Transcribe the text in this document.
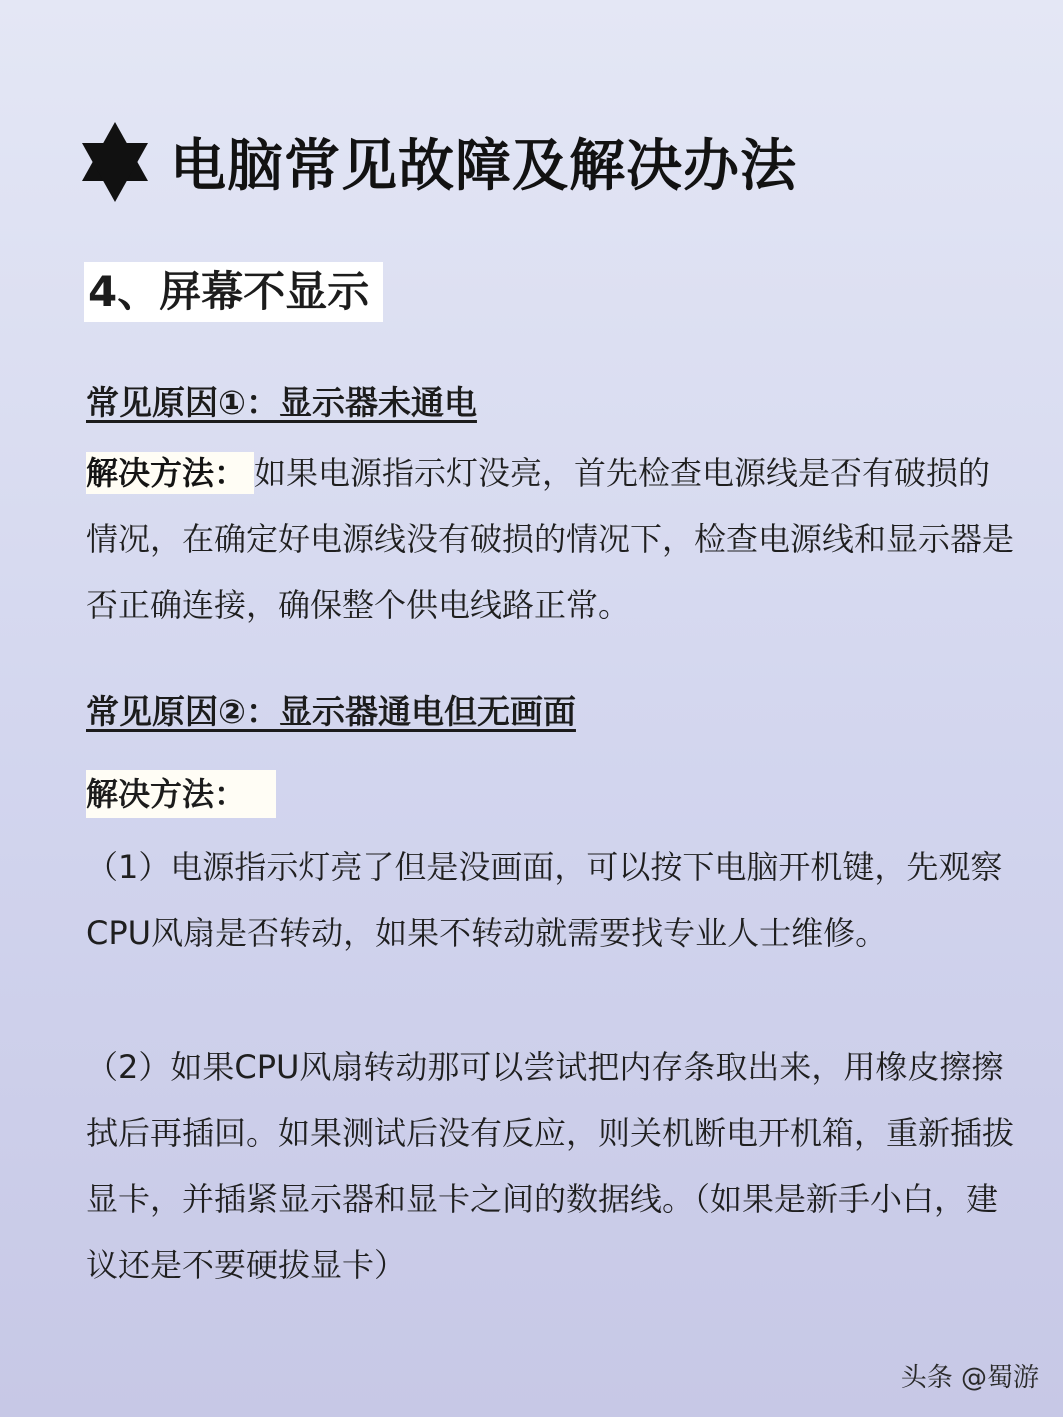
电脑常见故障及解决办法
4、屏幕不显示
常见原因①：显示器未通电

解决方法： 如果电源指示灯没亮，首先检查电源线是否有破损的情况，在确定好电源线没有破损的情况下，检查电源线和显示器是否正确连接，确保整个供电线路正常。

常见原因②：显示器通电但无画面
解决方法：

（1）电源指示灯亮了但是没画面，可以按下电脑开机键，先观察CPU风扇是否转动，如果不转动就需要找专业人士维修。

（2）如果CPU风扇转动那可以尝试把内存条取出来，用橡皮擦擦拭后再插回。如果测试后没有反应，则关机断电开机箱，重新插拔显卡，并插紧显示器和显卡之间的数据线。（如果是新手小白，建议还是不要硬拔显卡）

头条 @蜀游
